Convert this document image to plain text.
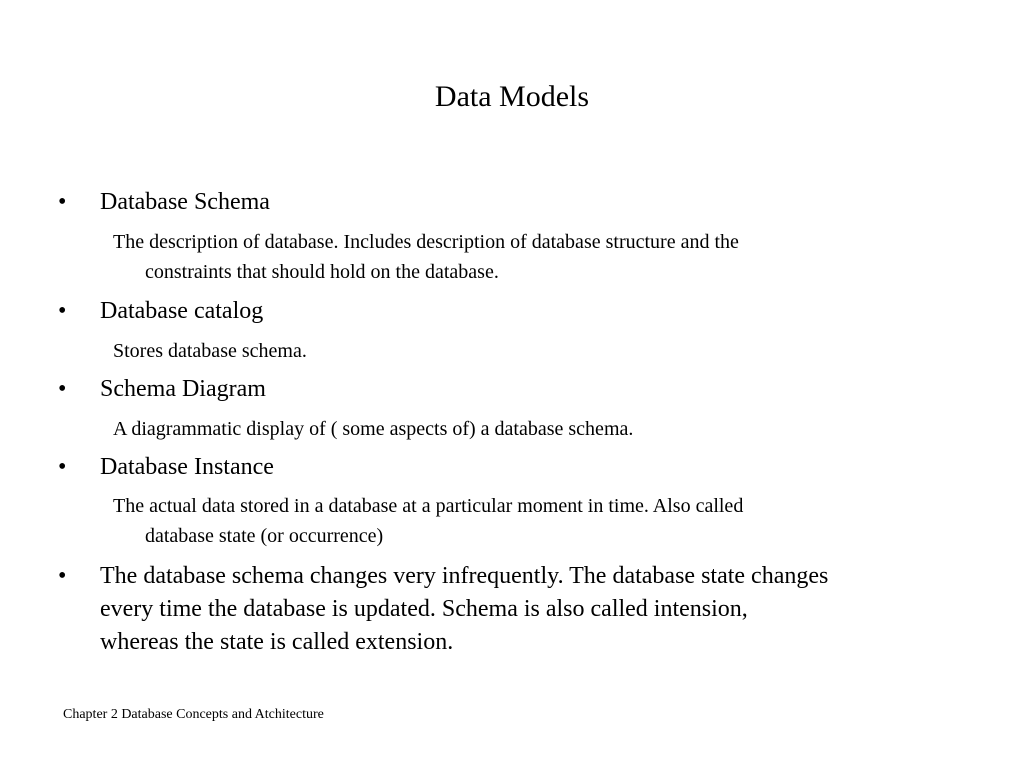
Data Models
•	Database Schema
The description of database. Includes description of database structure and the
constraints that should hold on the database.
•	Database catalog
Stores database schema.
•	Schema Diagram
A diagrammatic display of ( some aspects of) a database schema.
•	Database Instance
The actual data stored in a database at a particular moment in time. Also called
database state (or occurrence)
•	The database schema changes very infrequently. The database state changes
every time the database is updated. Schema is also called intension,
whereas the state is called extension.
Chapter 2 Database Concepts and Atchitecture
